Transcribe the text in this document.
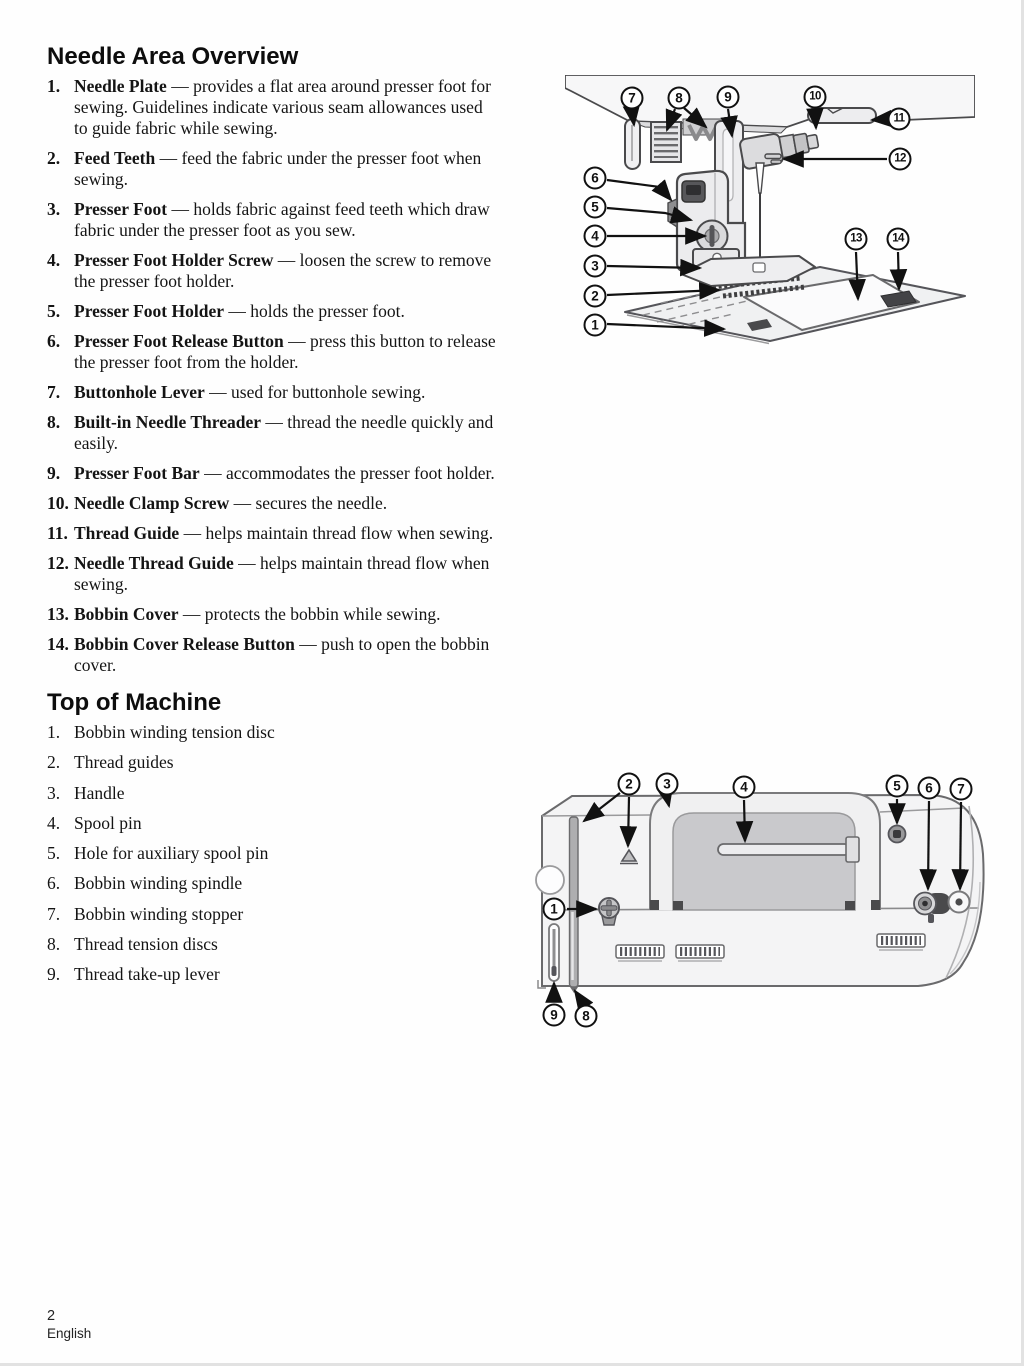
Needle Area Overview
1. Needle Plate — provides a flat area around presser foot for sewing. Guidelines indicate various seam allowances used to guide fabric while sewing.
2. Feed Teeth — feed the fabric under the presser foot when sewing.
3. Presser Foot — holds fabric against feed teeth which draw fabric under the presser foot as you sew.
4. Presser Foot Holder Screw — loosen the screw to remove the presser foot holder.
5. Presser Foot Holder — holds the presser foot.
6. Presser Foot Release Button — press this button to release the presser foot from the holder.
7. Buttonhole Lever — used for buttonhole sewing.
8. Built-in Needle Threader — thread the needle quickly and easily.
9. Presser Foot Bar — accommodates the presser foot holder.
10. Needle Clamp Screw — secures the needle.
11. Thread Guide — helps maintain thread flow when sewing.
12. Needle Thread Guide — helps maintain thread flow when sewing.
13. Bobbin Cover — protects the bobbin while sewing.
14. Bobbin Cover Release Button — push to open the bobbin cover.
Top of Machine
1. Bobbin winding tension disc
2. Thread guides
3. Handle
4. Spool pin
5. Hole for auxiliary spool pin
6. Bobbin winding spindle
7. Bobbin winding stopper
8. Thread tension discs
9. Thread take-up lever
7	8	9	10
11
12
6
5
4
3
2
1
13	14
2	3	4	5	6	7
1
9	8
2
English
